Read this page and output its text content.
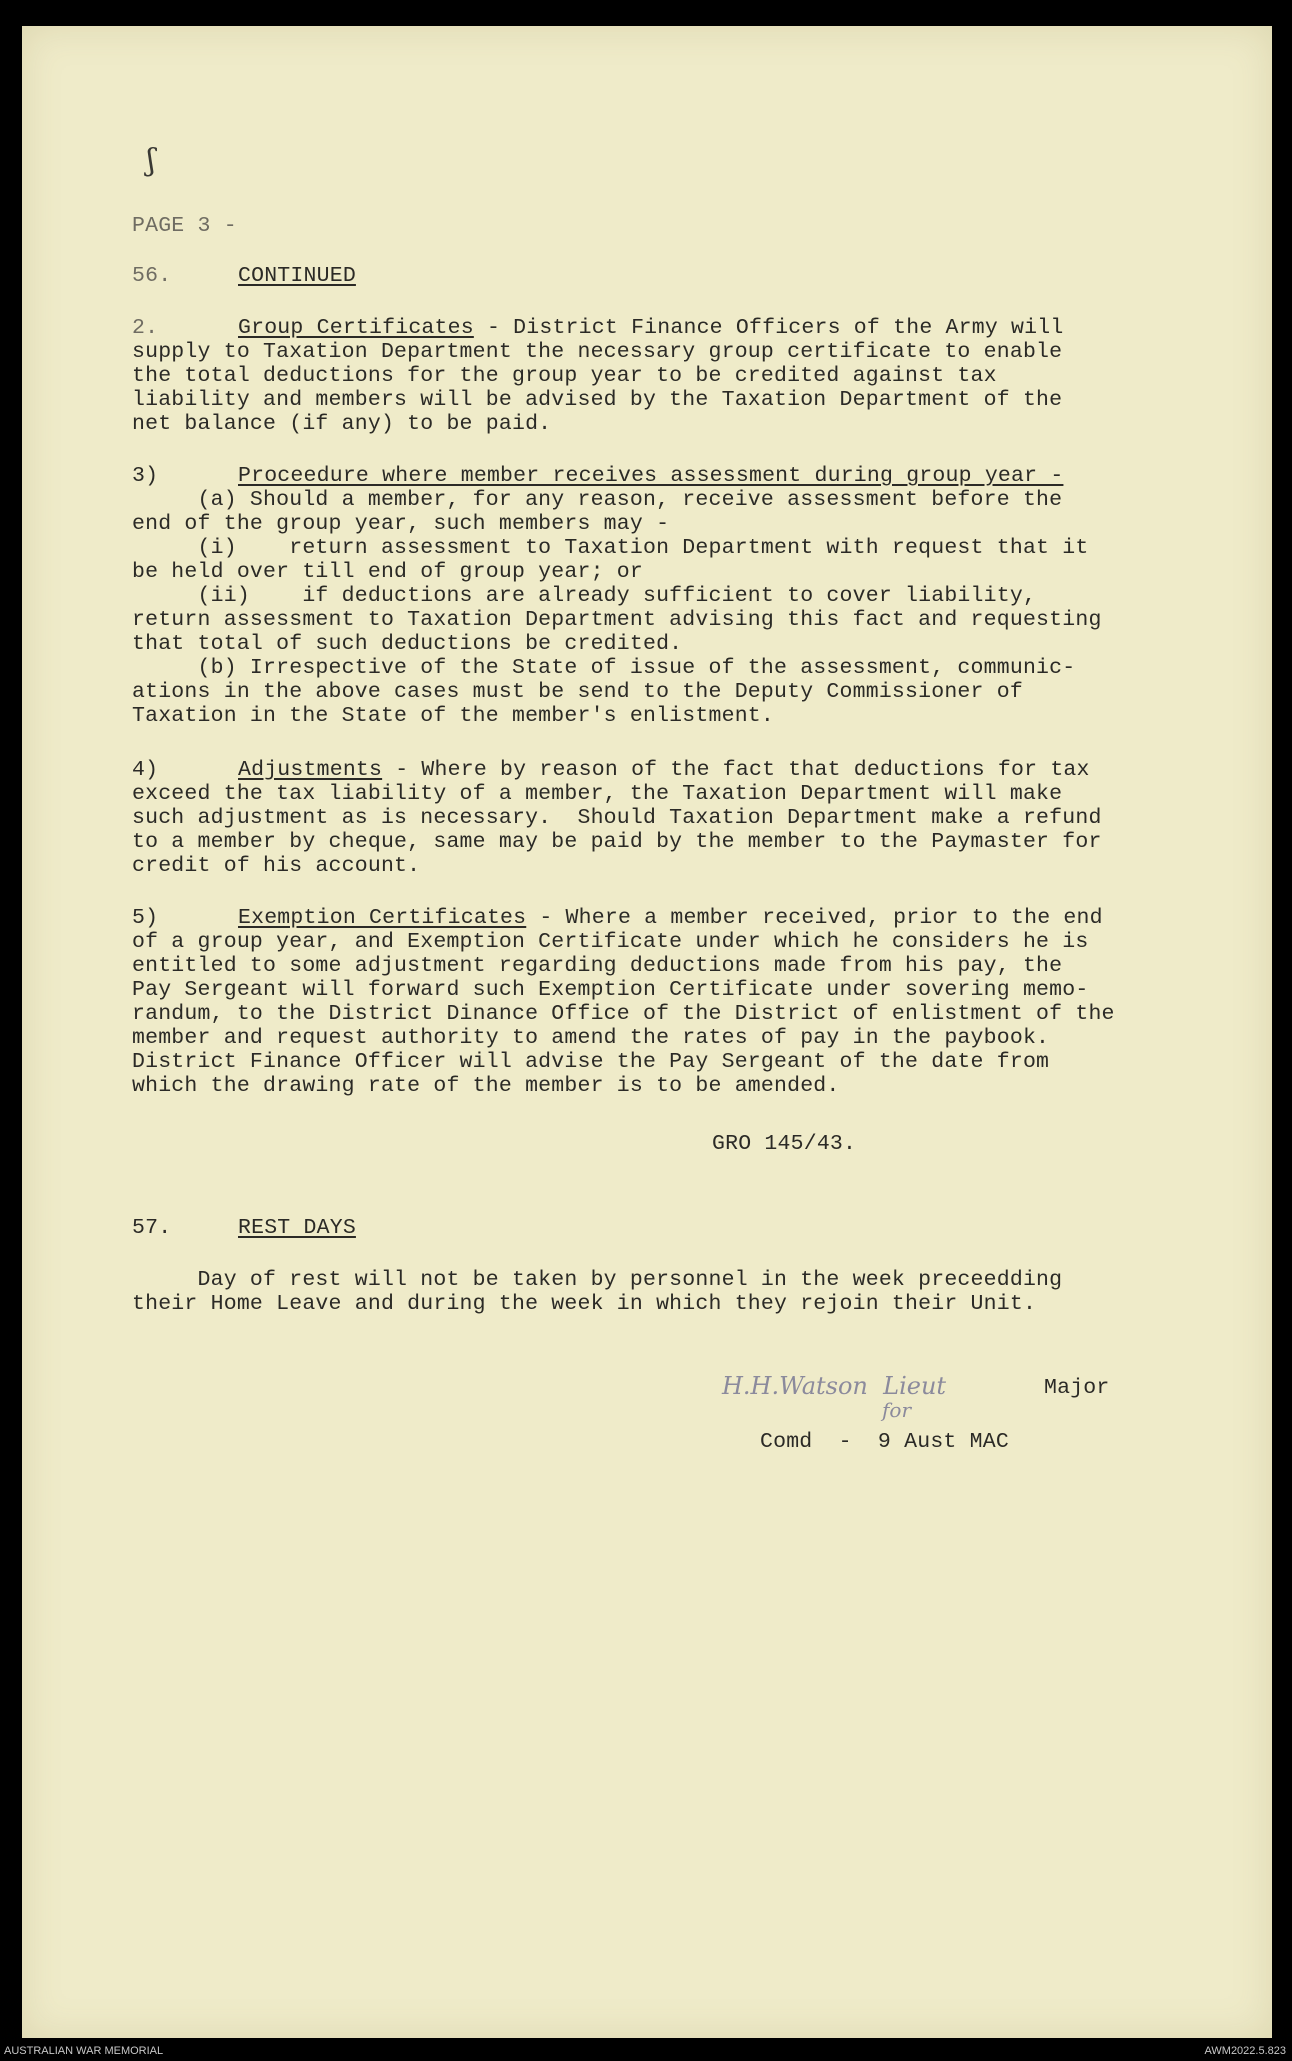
ʃ
PAGE 3 -
56.	CONTINUED
2.	Group Certificates - District Finance Officers of the Army will
supply to Taxation Department the necessary group certificate to enable
the total deductions for the group year to be credited against tax
liability and members will be advised by the Taxation Department of the
net balance (if any) to be paid.
3)	Proceedure where member receives assessment during group year -
(a) Should a member, for any reason, receive assessment before the
end of the group year, such members may -
(i)    return assessment to Taxation Department with request that it
be held over till end of group year; or
(ii)    if deductions are already sufficient to cover liability,
return assessment to Taxation Department advising this fact and requesting
that total of such deductions be credited.
(b) Irrespective of the State of issue of the assessment, communic-
ations in the above cases must be send to the Deputy Commissioner of
Taxation in the State of the member's enlistment.
4)	Adjustments - Where by reason of the fact that deductions for tax
exceed the tax liability of a member, the Taxation Department will make
such adjustment as is necessary.  Should Taxation Department make a refund
to a member by cheque, same may be paid by the member to the Paymaster for
credit of his account.
5)	Exemption Certificates - Where a member received, prior to the end
of a group year, and Exemption Certificate under which he considers he is
entitled to some adjustment regarding deductions made from his pay, the
Pay Sergeant will forward such Exemption Certificate under sovering memo-
randum, to the District Dinance Office of the District of enlistment of the
member and request authority to amend the rates of pay in the paybook.
District Finance Officer will advise the Pay Sergeant of the date from
which the drawing rate of the member is to be amended.
GRO 145/43.
57.	REST DAYS
Day of rest will not be taken by personnel in the week preceedding
their Home Leave and during the week in which they rejoin their Unit.
H.H.Watson  Lieut
for
Major
Comd  -  9 Aust MAC
AUSTRALIAN WAR MEMORIAL	AWM2022.5.823
